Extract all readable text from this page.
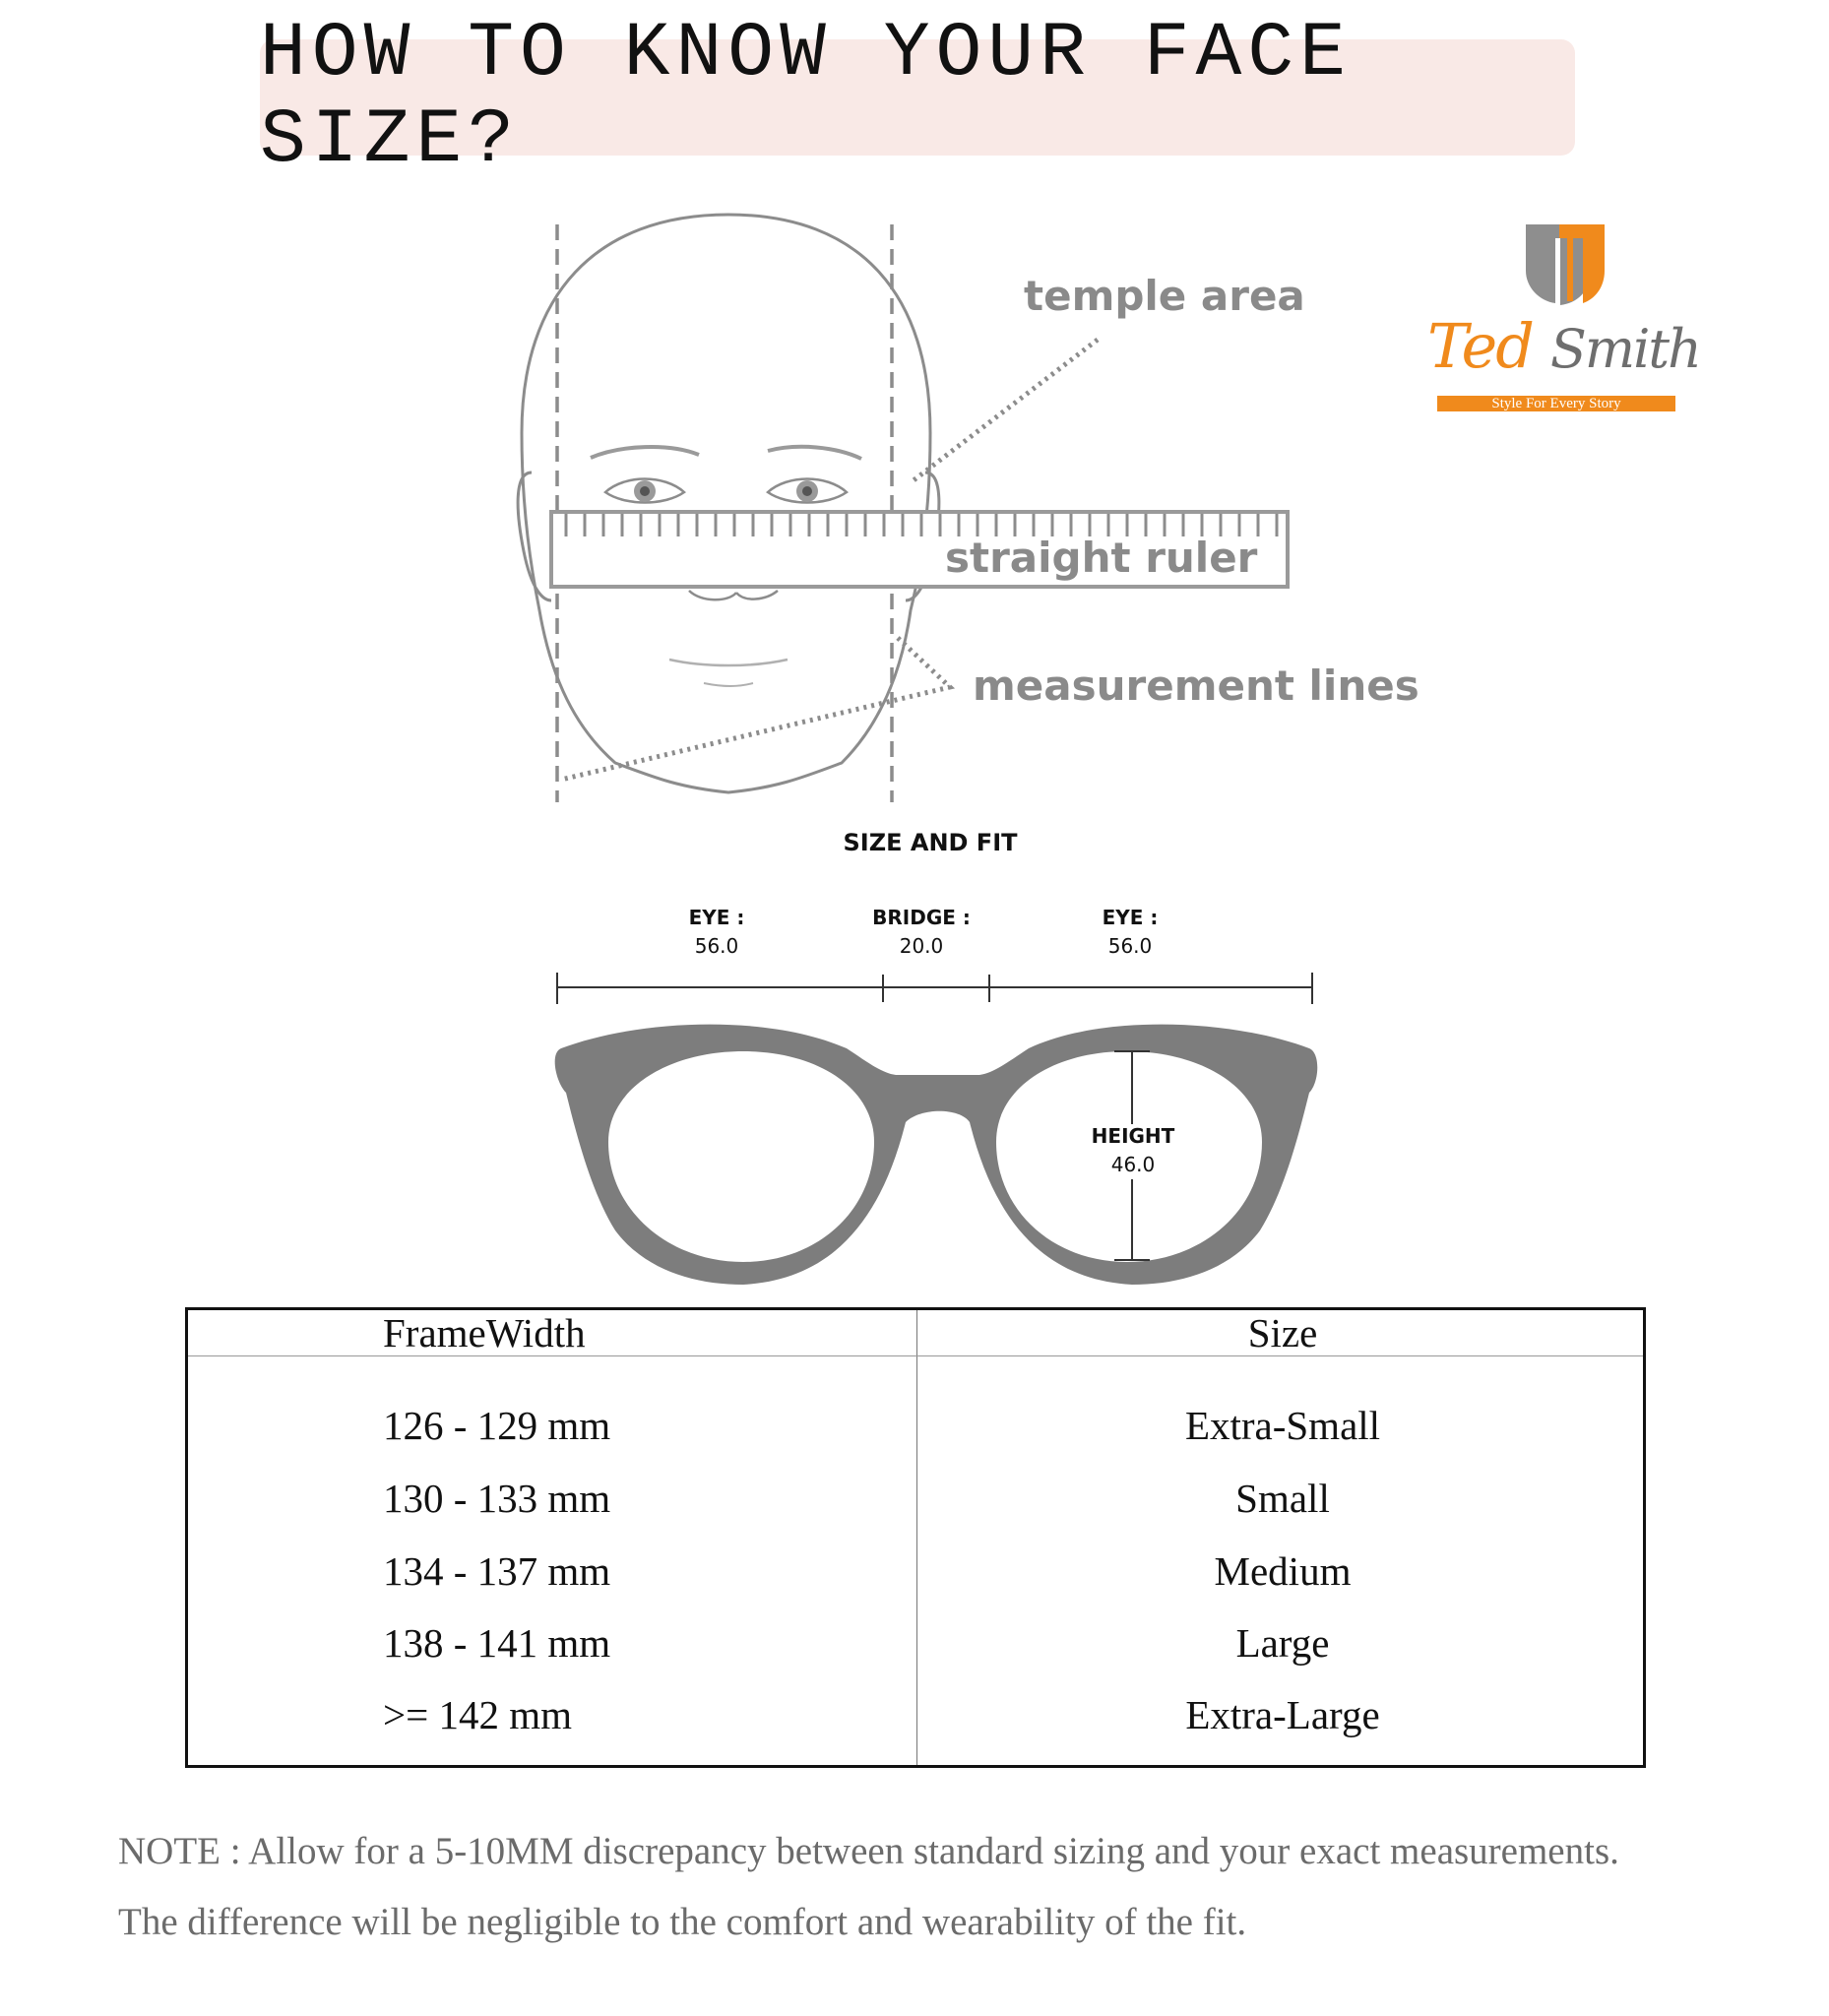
HOW TO KNOW YOUR FACE SIZE?
temple area
straight ruler
measurement lines
Ted Smith
Style For Every Story
SIZE AND FIT
EYE :
56.0
BRIDGE :
20.0
EYE :
56.0
HEIGHT
46.0
FrameWidth	Size
126 - 129 mm	Extra-Small
130 - 133 mm	Small
134 - 137 mm	Medium
138 - 141 mm	Large
>= 142 mm	Extra-Large
NOTE : Allow for a 5-10MM discrepancy between standard sizing and your exact measurements.
The difference will be negligible to the comfort and wearability of the fit.
